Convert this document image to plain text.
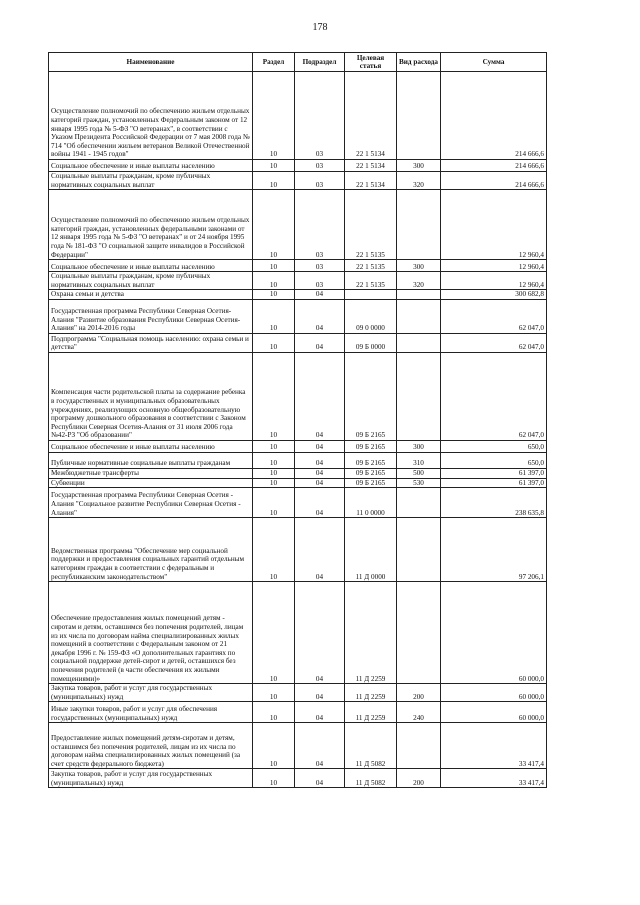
178
Наименование	Раздел	Подраздел	Целевая статья	Вид расхода	Сумма
Осуществление полномочий по обеспечению жильем отдельных категорий граждан, установленных Федеральным законом от 12 января 1995 года № 5-ФЗ "О ветеранах", в соответствии с Указом Президента Российской Федерации от 7 мая 2008 года № 714 "Об обеспечении жильем ветеранов Великой Отечественной войны 1941 - 1945 годов"	10	03	22 1 5134		214 666,6
Социальное обеспечение и иные выплаты населению	10	03	22 1 5134	300	214 666,6
Социальные выплаты гражданам, кроме публичных нормативных социальных выплат	10	03	22 1 5134	320	214 666,6
Осуществление полномочий по обеспечению жильем отдельных категорий граждан, установленных федеральными законами от 12 января 1995 года № 5-ФЗ "О ветеранах" и от 24 ноября 1995 года № 181-ФЗ "О социальной защите инвалидов в Российской Федерации"	10	03	22 1 5135		12 960,4
Социальное обеспечение и иные выплаты населению	10	03	22 1 5135	300	12 960,4
Социальные выплаты гражданам, кроме публичных нормативных социальных выплат	10	03	22 1 5135	320	12 960,4
Охрана семьи и детства	10	04			300 682,8
Государственная программа Республики Северная Осетия-Алания "Развитие образования Республики Северная Осетия-Алания" на 2014-2016 годы	10	04	09 0 0000		62 047,0
Подпрограмма "Социальная помощь населению: охрана семьи и детства"	10	04	09 Б 0000		62 047,0
Компенсация части родительской платы за содержание ребенка в государственных и муниципальных образовательных учреждениях, реализующих основную общеобразовательную программу дошкольного образования в соответствии с Законом Республики Северная Осетия-Алания от 31 июля 2006 года №42-РЗ "Об образовании"	10	04	09 Б 2165		62 047,0
Социальное обеспечение и иные выплаты населению	10	04	09 Б 2165	300	650,0
Публичные нормативные социальные выплаты гражданам	10	04	09 Б 2165	310	650,0
Межбюджетные трансферты	10	04	09 Б 2165	500	61 397,0
Субвенции	10	04	09 Б 2165	530	61 397,0
Государственная программа Республики Северная Осетия - Алания "Социальное развитие Республики Северная Осетия - Алания"	10	04	11 0 0000		238 635,8
Ведомственная программа "Обеспечение мер социальной поддержки и предоставления социальных гарантий отдельным категориям граждан в соответствии с федеральным и республиканским законодательством"	10	04	11 Д 0000		97 206,1
Обеспечение предоставления жилых помещений детям - сиротам и детям, оставшимся без попечения родителей, лицам из их числа по договорам найма специализированных жилых помещений в соответствии с Федеральным законом от 21 декабря 1996 г. № 159-ФЗ «О дополнительных гарантиях по социальной поддержке детей-сирот и детей, оставшихся без попечения родителей (в части обеспечения их жилыми помещениями)»	10	04	11 Д 2259		60 000,0
Закупка товаров, работ и услуг для государственных (муниципальных) нужд	10	04	11 Д 2259	200	60 000,0
Иные закупки товаров, работ и услуг для обеспечения государственных (муниципальных) нужд	10	04	11 Д 2259	240	60 000,0
Предоставление жилых помещений детям-сиротам и детям, оставшимся без попечения родителей, лицам из их числа по договорам найма специализированных жилых помещений (за счет средств федерального бюджета)	10	04	11 Д 5082		33 417,4
Закупка товаров, работ и услуг для государственных (муниципальных) нужд	10	04	11 Д 5082	200	33 417,4
